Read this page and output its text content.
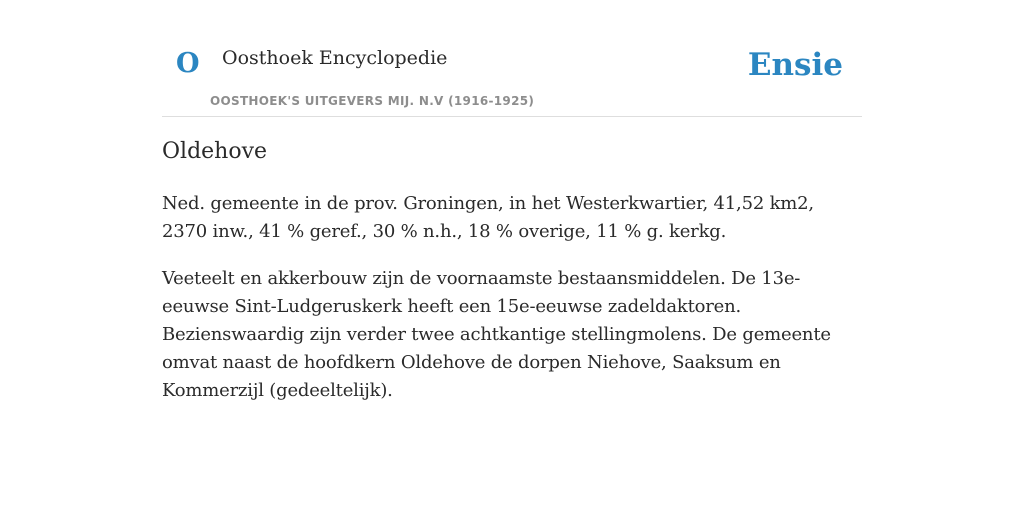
O Oosthoek Encyclopedie
OOSTHOEK'S UITGEVERS MIJ. N.V (1916-1925)
Ensie
Oldehove

Ned. gemeente in de prov. Groningen, in het Westerkwartier, 41,52 km2, 2370 inw., 41 % geref., 30 % n.h., 18 % overige, 11 % g. kerkg.

Veeteelt en akkerbouw zijn de voornaamste bestaansmiddelen. De 13e-eeuwse Sint-Ludgeruskerk heeft een 15e-eeuwse zadeldaktoren. Bezienswaardig zijn verder twee achtkantige stellingmolens. De gemeente omvat naast de hoofdkern Oldehove de dorpen Niehove, Saaksum en Kommerzijl (gedeeltelijk).
